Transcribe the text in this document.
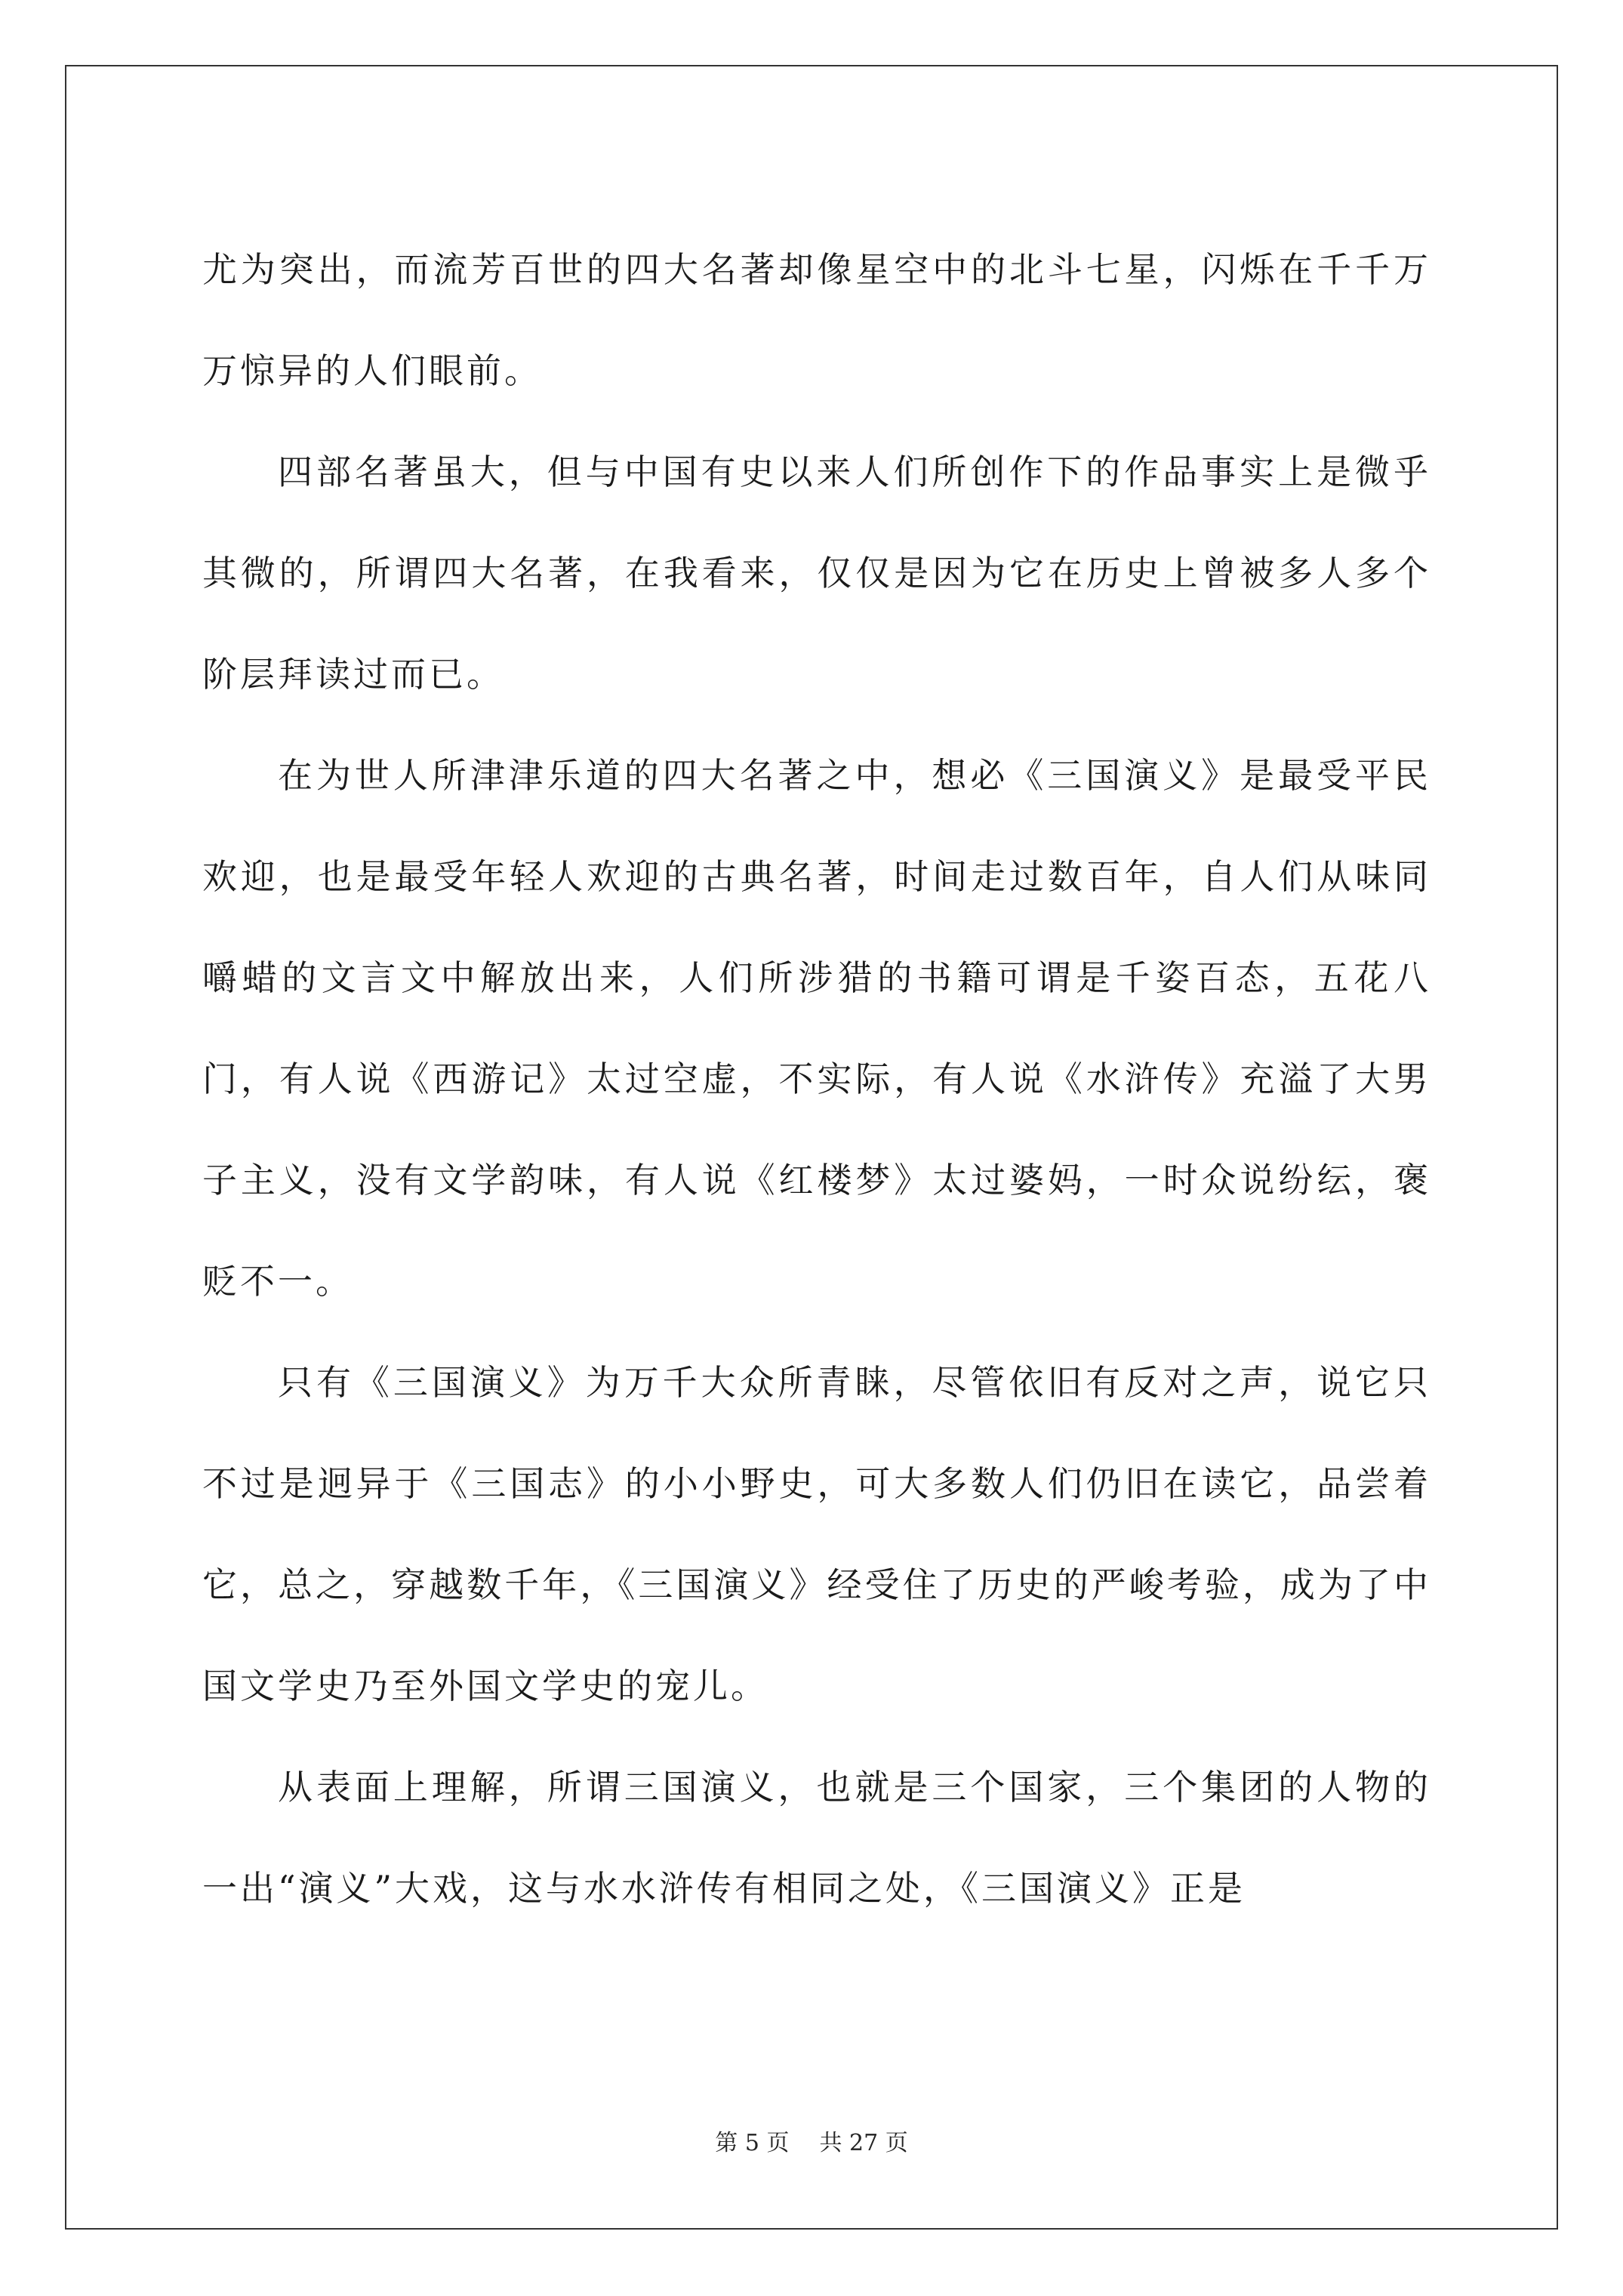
尤为突出，而流芳百世的四大名著却像星空中的北斗七星，闪烁在千千万万惊异的人们眼前。

四部名著虽大，但与中国有史以来人们所创作下的作品事实上是微乎其微的，所谓四大名著，在我看来，仅仅是因为它在历史上曾被多人多个阶层拜读过而已。

在为世人所津津乐道的四大名著之中，想必《三国演义》是最受平民欢迎，也是最受年轻人欢迎的古典名著，时间走过数百年，自人们从味同嚼蜡的文言文中解放出来，人们所涉猎的书籍可谓是千姿百态，五花八门，有人说《西游记》太过空虚，不实际，有人说《水浒传》充溢了大男子主义，没有文学韵味，有人说《红楼梦》太过婆妈，一时众说纷纭，褒贬不一。

只有《三国演义》为万千大众所青睐，尽管依旧有反对之声，说它只不过是迥异于《三国志》的小小野史，可大多数人们仍旧在读它，品尝着它，总之，穿越数千年，《三国演义》经受住了历史的严峻考验，成为了中国文学史乃至外国文学史的宠儿。

从表面上理解，所谓三国演义，也就是三个国家，三个集团的人物的一出“演义”大戏，这与水水浒传有相同之处，《三国演义》正是

第 5 页 共 27 页
